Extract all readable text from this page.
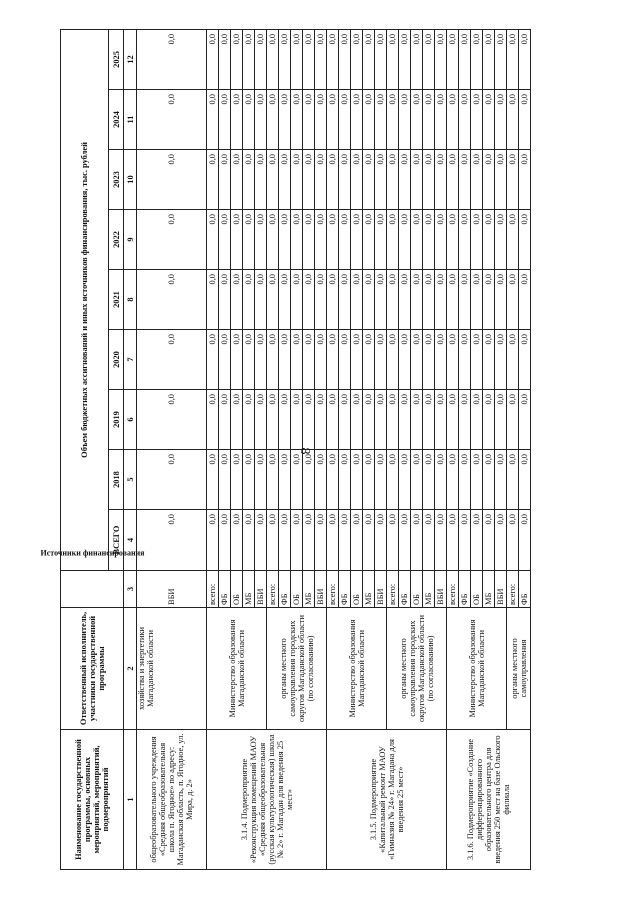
8
Наименование государственной программы, основных мероприятий, мероприятий, подмероприятий	Ответственный исполнитель, участники государственной программы	Источники финансирования	Объем бюджетных ассигнований и иных источников финансирования, тыс. рублей								
			ВСЕГО	2018	2019	2020	2021	2022	2023	2024	2025
1	2	3	4	5	6	7	8	9	10	11	12
общеобразовательного учреждения «Средняя общеобразовательная школа п. Ягодное» по адресу: Магаданская область, п. Ягодное, ул. Мира, д. 2»	хозяйства и энергетики Магаданской области	ВБИ	0,0	0,0	0,0	0,0	0,0	0,0	0,0	0,0	0,0
3.1.4. Подмероприятие «Реконструкция помещений МАОУ «Средняя общеобразовательная (русская культурологическая) школа № 2» г. Магадан для введения 25 мест»	Министерство образования Магаданской области	всего:	0,0	0,0	0,0	0,0	0,0	0,0	0,0	0,0	0,0
		ФБ	0,0	0,0	0,0	0,0	0,0	0,0	0,0	0,0	0,0
		ОБ	0,0	0,0	0,0	0,0	0,0	0,0	0,0	0,0	0,0
		МБ	0,0	0,0	0,0	0,0	0,0	0,0	0,0	0,0	0,0
		ВБИ	0,0	0,0	0,0	0,0	0,0	0,0	0,0	0,0	0,0
	органы местного самоуправления городских округов Магаданской области (по согласованию)	всего:	0,0	0,0	0,0	0,0	0,0	0,0	0,0	0,0	0,0
		ФБ	0,0	0,0	0,0	0,0	0,0	0,0	0,0	0,0	0,0
		ОБ	0,0	0,0	0,0	0,0	0,0	0,0	0,0	0,0	0,0
		МБ	0,0	0,0	0,0	0,0	0,0	0,0	0,0	0,0	0,0
		ВБИ	0,0	0,0	0,0	0,0	0,0	0,0	0,0	0,0	0,0
3.1.5. Подмероприятие «Капитальный ремонт МАОУ «Гимназия № 24» г. Магадана для введения 25 мест»	Министерство образования Магаданской области	всего:	0,0	0,0	0,0	0,0	0,0	0,0	0,0	0,0	0,0
		ФБ	0,0	0,0	0,0	0,0	0,0	0,0	0,0	0,0	0,0
		ОБ	0,0	0,0	0,0	0,0	0,0	0,0	0,0	0,0	0,0
		МБ	0,0	0,0	0,0	0,0	0,0	0,0	0,0	0,0	0,0
		ВБИ	0,0	0,0	0,0	0,0	0,0	0,0	0,0	0,0	0,0
	органы местного самоуправления городских округов Магаданской области (по согласованию)	всего:	0,0	0,0	0,0	0,0	0,0	0,0	0,0	0,0	0,0
		ФБ	0,0	0,0	0,0	0,0	0,0	0,0	0,0	0,0	0,0
		ОБ	0,0	0,0	0,0	0,0	0,0	0,0	0,0	0,0	0,0
		МБ	0,0	0,0	0,0	0,0	0,0	0,0	0,0	0,0	0,0
		ВБИ	0,0	0,0	0,0	0,0	0,0	0,0	0,0	0,0	0,0
3.1.6. Подмероприятие «Создание дифференцированного образовательного центра для введения 250 мест на базе Ольского филиала	Министерство образования Магаданской области	всего:	0,0	0,0	0,0	0,0	0,0	0,0	0,0	0,0	0,0
		ФБ	0,0	0,0	0,0	0,0	0,0	0,0	0,0	0,0	0,0
		ОБ	0,0	0,0	0,0	0,0	0,0	0,0	0,0	0,0	0,0
		МБ	0,0	0,0	0,0	0,0	0,0	0,0	0,0	0,0	0,0
		ВБИ	0,0	0,0	0,0	0,0	0,0	0,0	0,0	0,0	0,0
	органы местного самоуправления	всего:	0,0	0,0	0,0	0,0	0,0	0,0	0,0	0,0	0,0
		ФБ	0,0	0,0	0,0	0,0	0,0	0,0	0,0	0,0	0,0
